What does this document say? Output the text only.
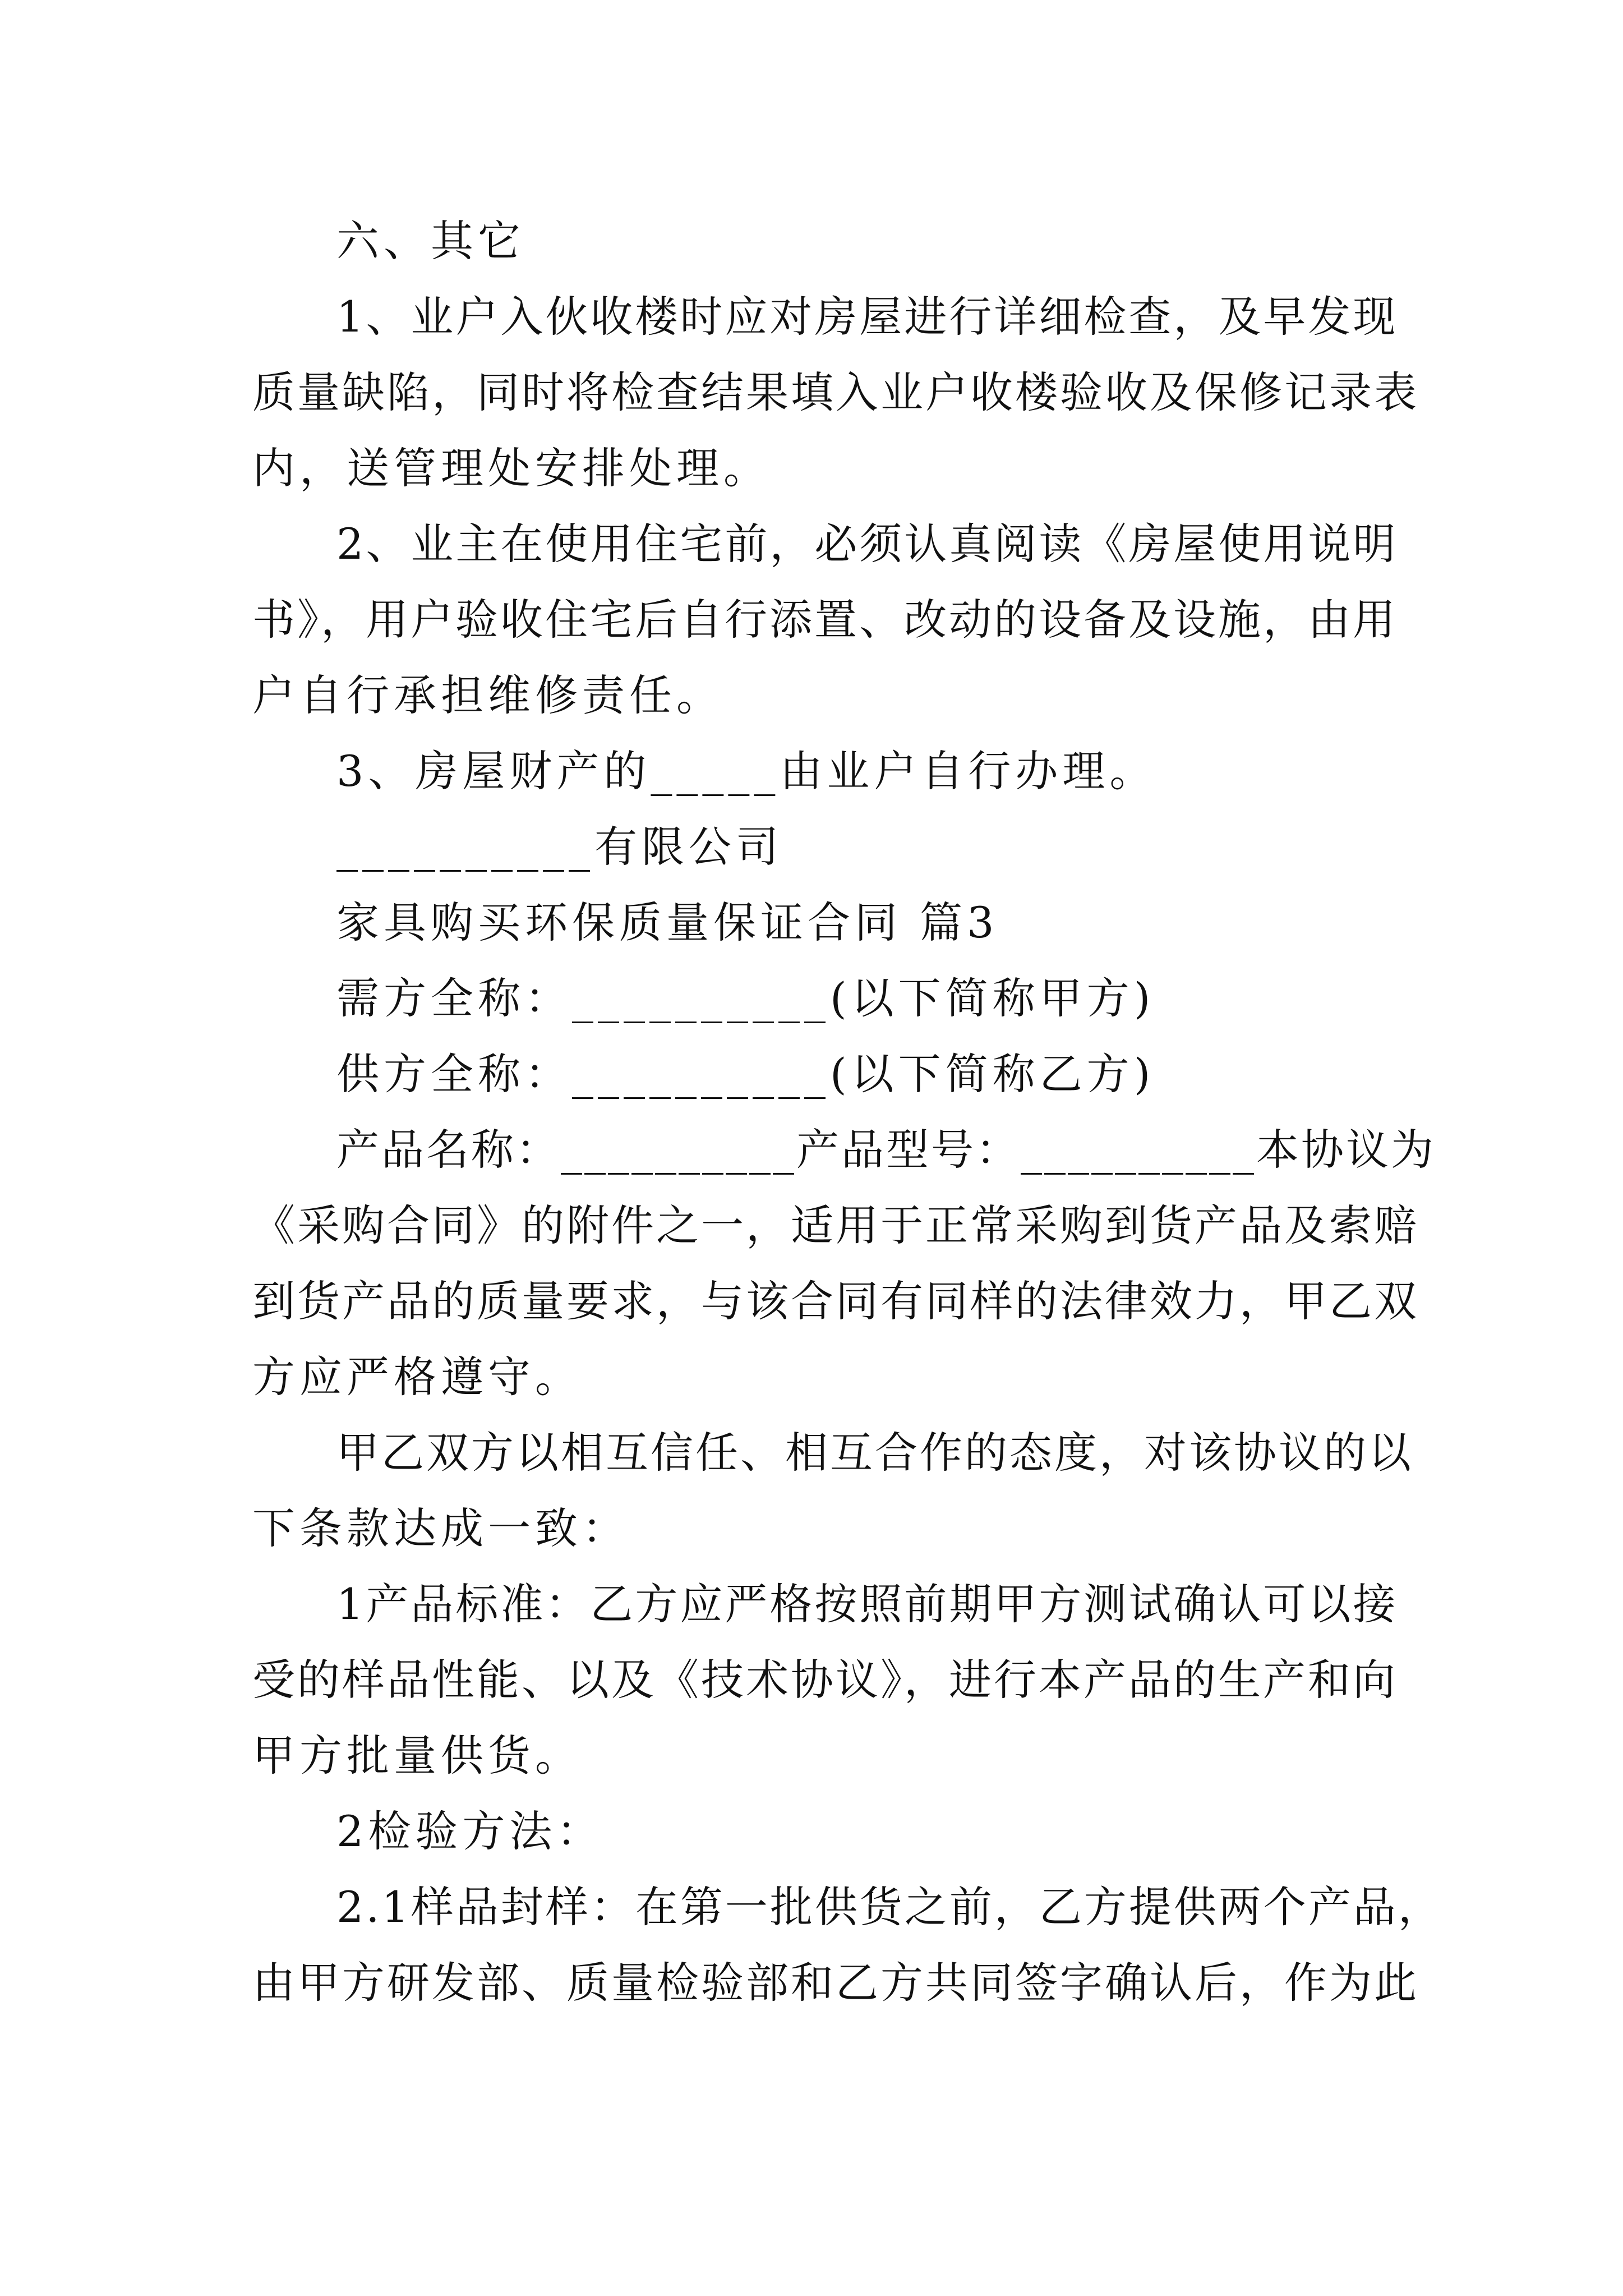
六、其它
1、业户入伙收楼时应对房屋进行详细检查，及早发现
质量缺陷，同时将检查结果填入业户收楼验收及保修记录表
内，送管理处安排处理。
2、业主在使用住宅前，必须认真阅读《房屋使用说明
书》，用户验收住宅后自行添置、改动的设备及设施，由用
户自行承担维修责任。
3、房屋财产的_____由业户自行办理。
__________有限公司
家具购买环保质量保证合同 篇3
需方全称：__________(以下简称甲方)
供方全称：__________(以下简称乙方)
产品名称：__________产品型号：__________本协议为
《采购合同》的附件之一，适用于正常采购到货产品及索赔
到货产品的质量要求，与该合同有同样的法律效力，甲乙双
方应严格遵守。
甲乙双方以相互信任、相互合作的态度，对该协议的以
下条款达成一致：
1产品标准：乙方应严格按照前期甲方测试确认可以接
受的样品性能、以及《技术协议》，进行本产品的生产和向
甲方批量供货。
2检验方法：
2.1样品封样：在第一批供货之前，乙方提供两个产品，
由甲方研发部、质量检验部和乙方共同签字确认后，作为此
